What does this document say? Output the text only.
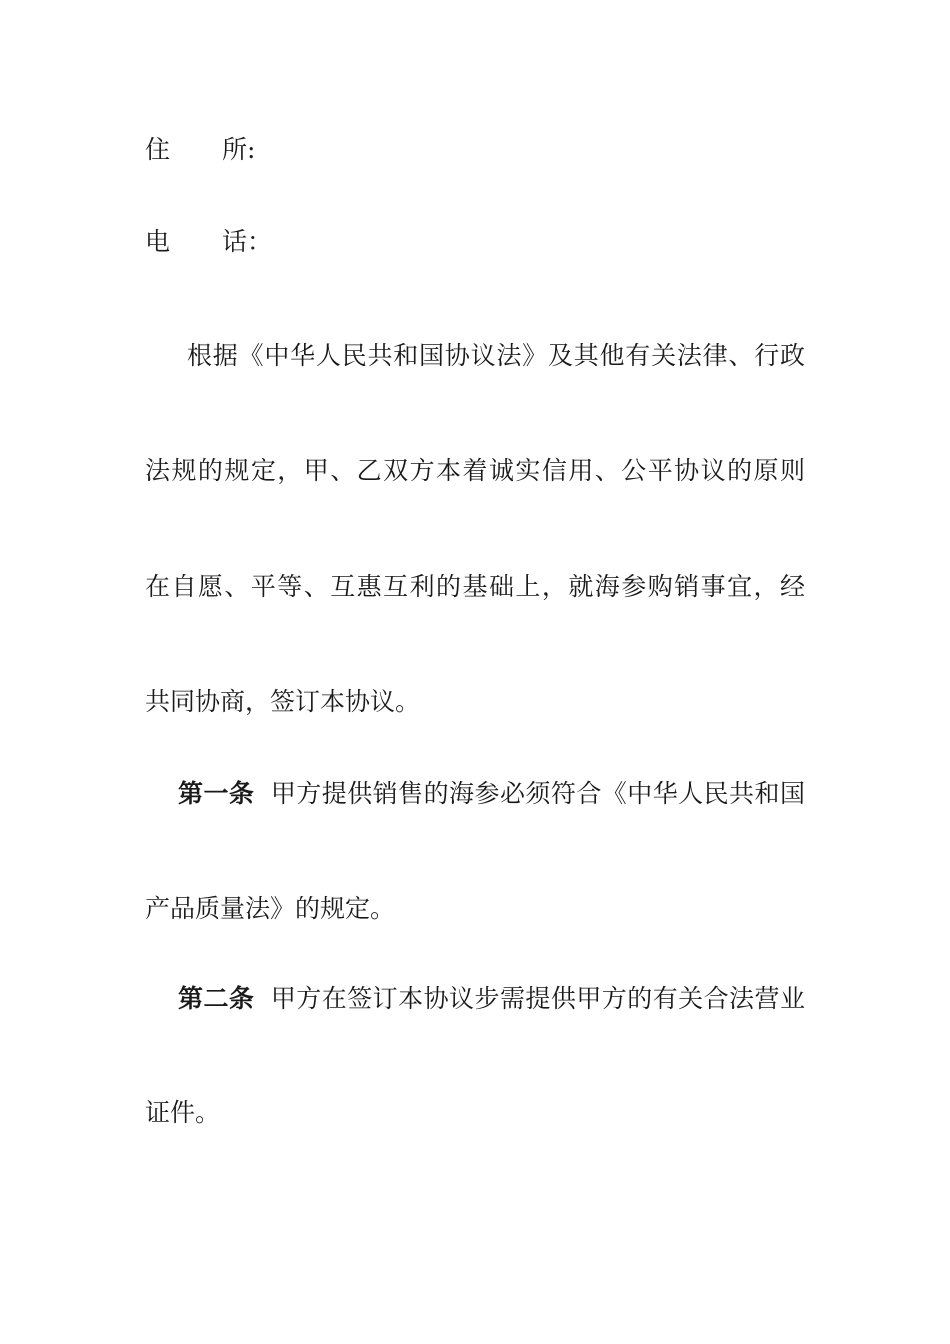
住 所:
电 话：
根据《中华人民共和国协议法》及其他有关法律、行政
法规的规定，甲、乙双方本着诚实信用、公平协议的原则
在自愿、平等、互惠互利的基础上，就海参购销事宜，经
共同协商，签订本协议。
第一条 甲方提供销售的海参必须符合《中华人民共和国
产品质量法》的规定。
第二条 甲方在签订本协议步需提供甲方的有关合法营业
证件。
